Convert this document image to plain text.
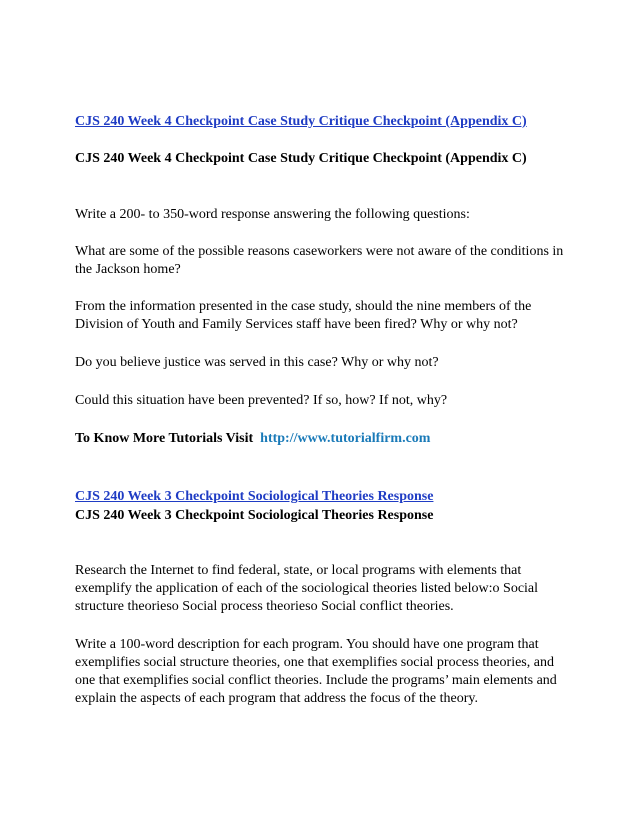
CJS 240 Week 4 Checkpoint Case Study Critique Checkpoint (Appendix C)
CJS 240 Week 4 Checkpoint Case Study Critique Checkpoint (Appendix C)
Write a 200- to 350-word response answering the following questions:
What are some of the possible reasons caseworkers were not aware of the conditions in the Jackson home?
From the information presented in the case study, should the nine members of the Division of Youth and Family Services staff have been fired? Why or why not?
Do you believe justice was served in this case? Why or why not?
Could this situation have been prevented? If so, how? If not, why?
To Know More Tutorials Visit http://www.tutorialfirm.com
CJS 240 Week 3 Checkpoint Sociological Theories Response
CJS 240 Week 3 Checkpoint Sociological Theories Response
Research the Internet to find federal, state, or local programs with elements that exemplify the application of each of the sociological theories listed below:o Social structure theorieso Social process theorieso Social conflict theories.
Write a 100-word description for each program. You should have one program that exemplifies social structure theories, one that exemplifies social process theories, and one that exemplifies social conflict theories. Include the programs’ main elements and explain the aspects of each program that address the focus of the theory.
